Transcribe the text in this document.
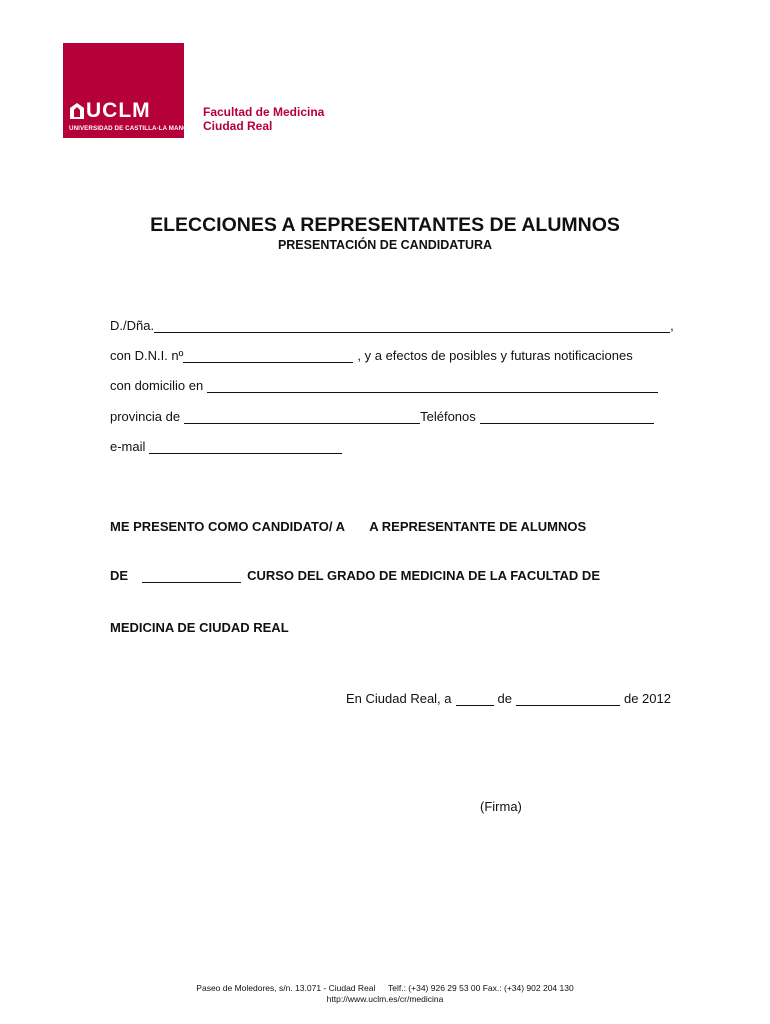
UCLM
UNIVERSIDAD DE CASTILLA-LA MANCHA
Facultad de Medicina
Ciudad Real
ELECCIONES A REPRESENTANTES DE ALUMNOS
PRESENTACIÓN DE CANDIDATURA
D./Dña.	,
con D.N.I. nº	, y a efectos de posibles y futuras notificaciones
con domicilio en
provincia de	Teléfonos
e-mail
ME PRESENTO COMO CANDIDATO/ A A REPRESENTANTE DE ALUMNOS
DE	CURSO DEL GRADO DE MEDICINA DE LA FACULTAD DE
MEDICINA DE CIUDAD REAL
En Ciudad Real, a	de	de 2012
(Firma)
Paseo de Moledores, s/n. 13.071 - Ciudad Real Telf.: (+34) 926 29 53 00 Fax.: (+34) 902 204 130
http://www.uclm.es/cr/medicina
